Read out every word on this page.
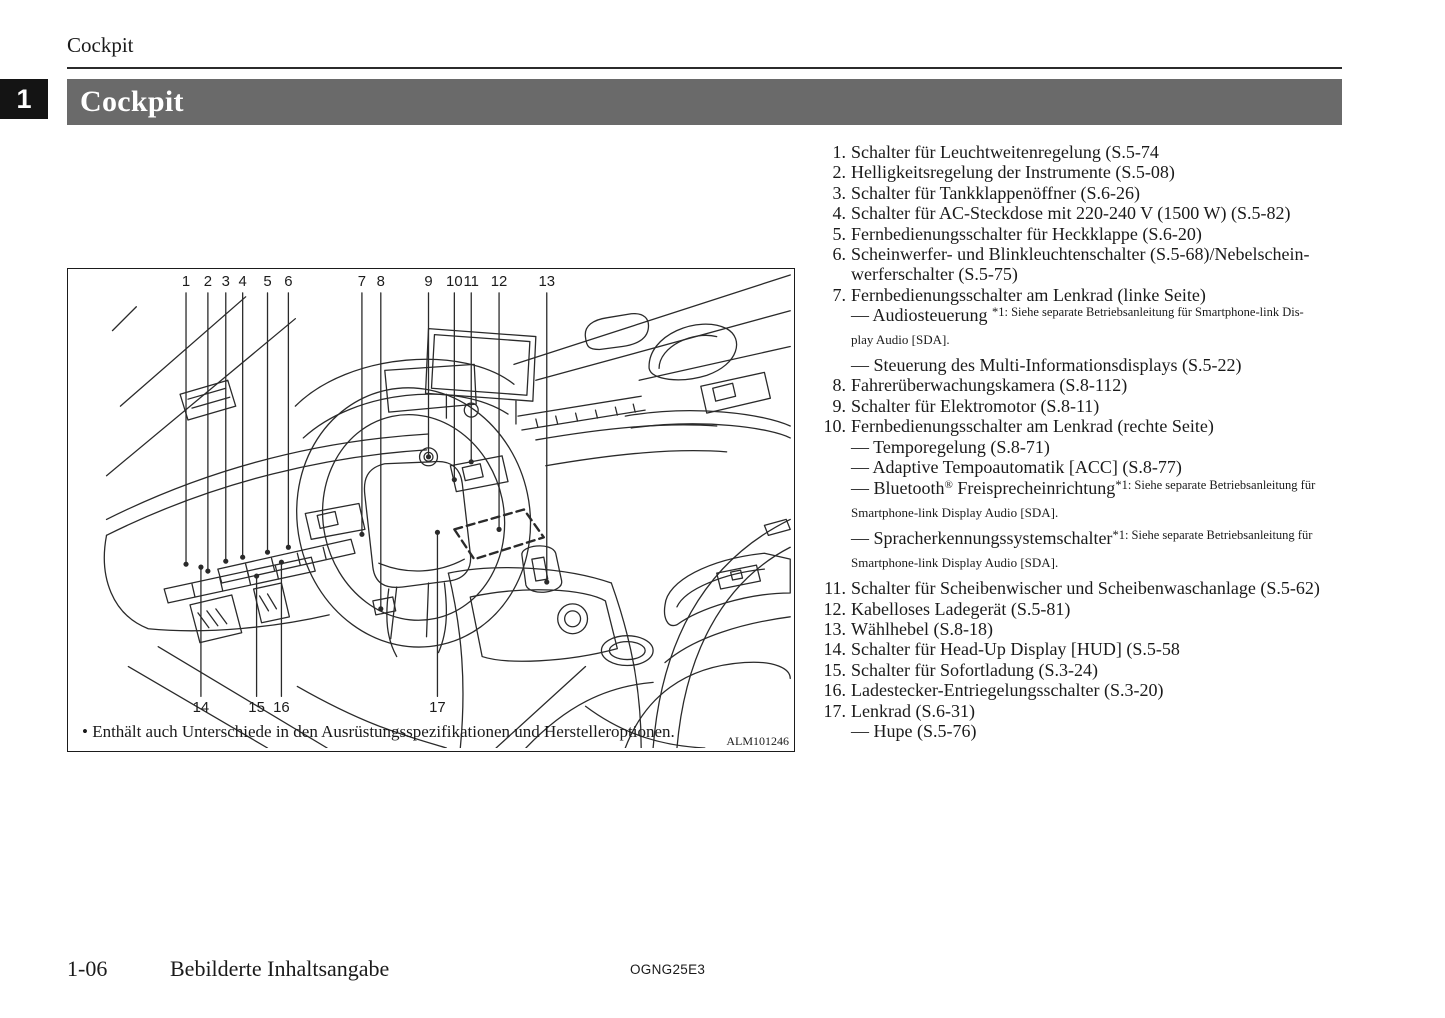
Cockpit
1	Cockpit
1 2 3 4 5 6	7 8	9 10 11 12 13
14	15 16	17
• Enthält auch Unterschiede in den Ausrüstungsspezifikationen und Herstelleroptionen.	ALM101246
1. Schalter für Leuchtweitenregelung (S.5-74
2. Helligkeitsregelung der Instrumente (S.5-08)
3. Schalter für Tankklappenöffner (S.6-26)
4. Schalter für AC-Steckdose mit 220-240 V (1500 W) (S.5-82)
5. Fernbedienungsschalter für Heckklappe (S.6-20)
6. Scheinwerfer- und Blinkleuchtenschalter (S.5-68)/Nebelschein-
werferschalter (S.5-75)
7. Fernbedienungsschalter am Lenkrad (linke Seite)
— Audiosteuerung $^{*1: Siehe separate Betriebsanleitung für Smartphone-link Dis-}$
play Audio [SDA].
— Steuerung des Multi-Informationsdisplays (S.5-22)
8. Fahrerüberwachungskamera (S.8-112)
9. Schalter für Elektromotor (S.8-11)
10. Fernbedienungsschalter am Lenkrad (rechte Seite)
— Temporegelung (S.8-71)
— Adaptive Tempoautomatik [ACC] (S.8-77)
— Bluetooth® Freisprecheinrichtung$^{*1: Siehe separate Betriebsanleitung für}$
Smartphone-link Display Audio [SDA].
— Spracherkennungssystemschalter$^{*1: Siehe separate Betriebsanleitung für}$
Smartphone-link Display Audio [SDA].
11. Schalter für Scheibenwischer und Scheibenwaschanlage (S.5-62)
12. Kabelloses Ladegerät (S.5-81)
13. Wählhebel (S.8-18)
14. Schalter für Head-Up Display [HUD] (S.5-58
15. Schalter für Sofortladung (S.3-24)
16. Ladestecker-Entriegelungsschalter (S.3-20)
17. Lenkrad (S.6-31)
— Hupe (S.5-76)
1-06	Bebilderte Inhaltsangabe	OGNG25E3
